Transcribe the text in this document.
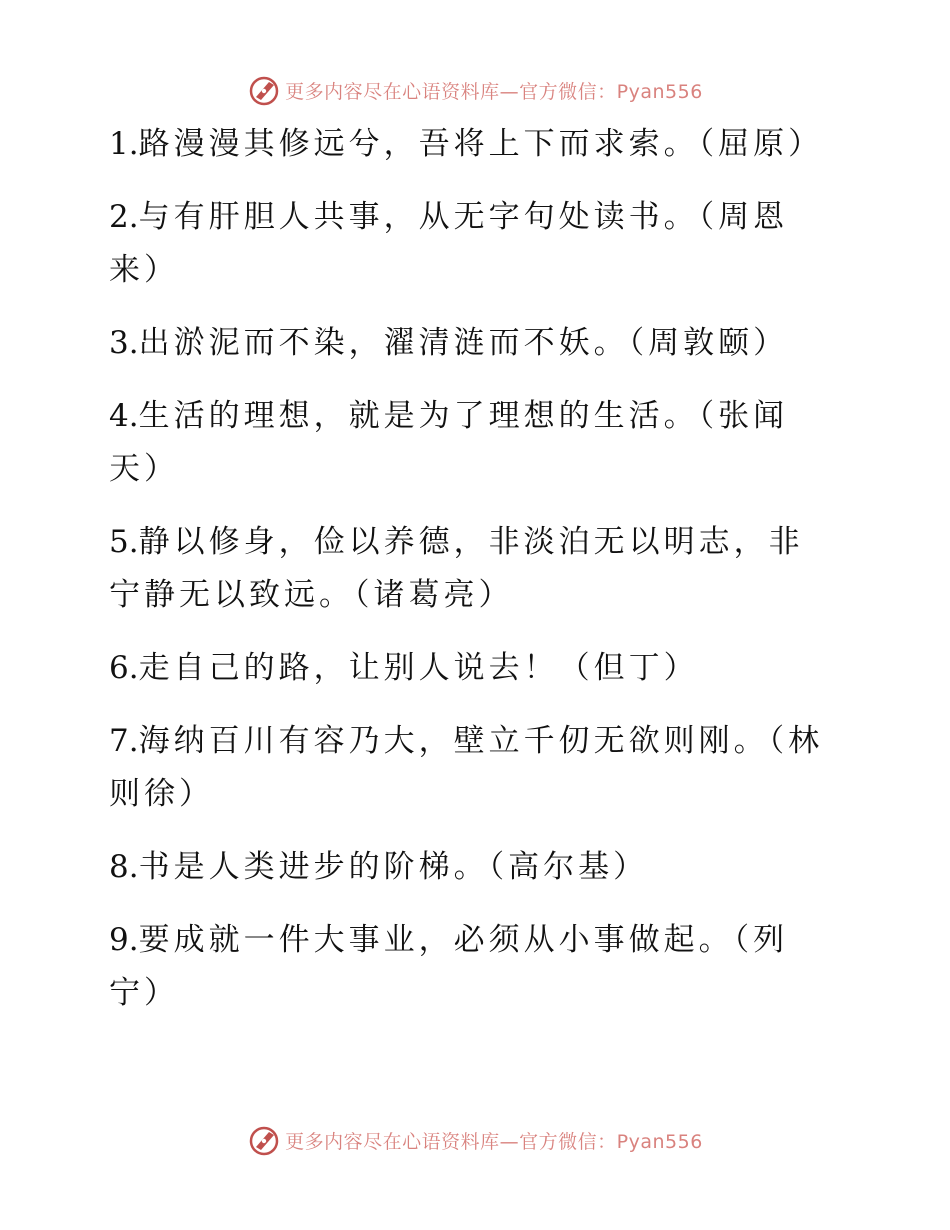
更多内容尽在心语资料库—官方微信：Pyan556
1.路漫漫其修远兮，吾将上下而求索。（屈原）
2.与有肝胆人共事，从无字句处读书。（周恩来）
3.出淤泥而不染，濯清涟而不妖。（周敦颐）
4.生活的理想，就是为了理想的生活。（张闻天）
5.静以修身，俭以养德，非淡泊无以明志，非宁静无以致远。（诸葛亮）
6.走自己的路，让别人说去！（但丁）
7.海纳百川有容乃大，壁立千仞无欲则刚。（林则徐）
8.书是人类进步的阶梯。（高尔基）
9.要成就一件大事业，必须从小事做起。（列宁）
更多内容尽在心语资料库—官方微信：Pyan556
